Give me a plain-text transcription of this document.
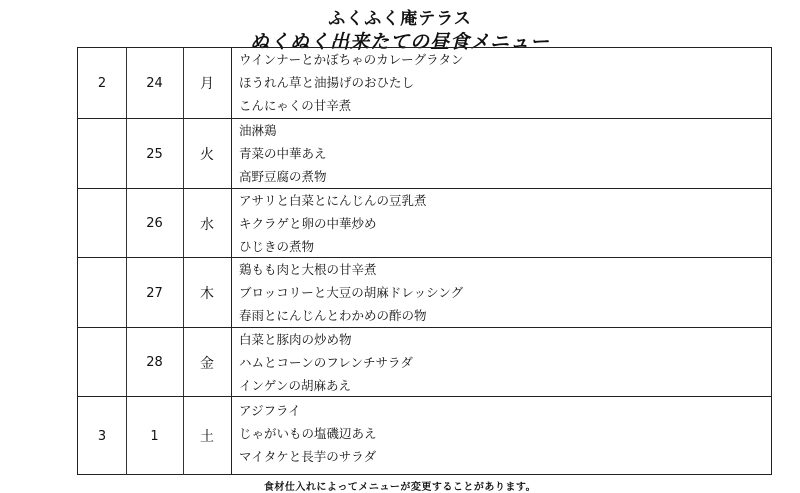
ふくふく庵テラス
ぬくぬく出来たての昼食メニュー
2	24	月
ウインナーとかぼちゃのカレーグラタン
ほうれん草と油揚げのおひたし
こんにゃくの甘辛煮
25	火
油淋鶏
青菜の中華あえ
高野豆腐の煮物
26	水
アサリと白菜とにんじんの豆乳煮
キクラゲと卵の中華炒め
ひじきの煮物
27	木
鶏もも肉と大根の甘辛煮
ブロッコリーと大豆の胡麻ドレッシング
春雨とにんじんとわかめの酢の物
28	金
白菜と豚肉の炒め物
ハムとコーンのフレンチサラダ
インゲンの胡麻あえ
3	1	土
アジフライ
じゃがいもの塩磯辺あえ
マイタケと長芋のサラダ
食材仕入れによってメニューが変更することがあります。
